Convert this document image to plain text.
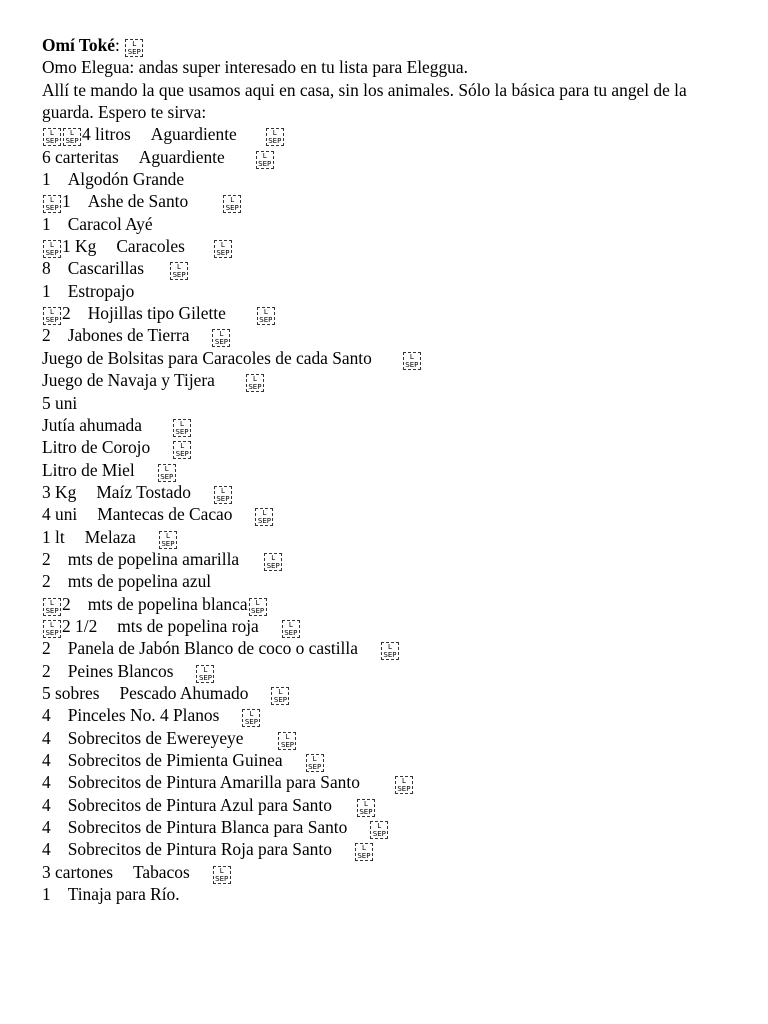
Omí Toké:	L
SEP
Omo Elegua: andas super interesado en tu lista para Eleggua.
Allí te mando la que usamos aqui en casa, sin los animales. Sólo la básica para tu angel de la guarda. Espero te sirva:
L
SEP
L
SEP 4 litros Aguardiente	L
SEP
6 carteritas Aguardiente	L
SEP
1 Algodón Grande
L
SEP 1 Ashe de Santo	L
SEP
1 Caracol Ayé
L
SEP 1 Kg Caracoles	L
SEP
8 Cascarillas	L
SEP
1 Estropajo
L
SEP 2 Hojillas tipo Gilette	L
SEP
2 Jabones de Tierra	L
SEP
Juego de Bolsitas para Caracoles de cada Santo	L
SEP
Juego de Navaja y Tijera	L
SEP
5 uni
Jutía ahumada	L
SEP
Litro de Corojo	L
SEP
Litro de Miel	L
SEP
3 Kg Maíz Tostado	L
SEP
4 uni Mantecas de Cacao	L
SEP
1 lt Melaza	L
SEP
2 mts de popelina amarilla	L
SEP
2 mts de popelina azul
L
SEP 2 mts de popelina blanca	L
SEP
L
SEP 2 1/2 mts de popelina roja	L
SEP
2 Panela de Jabón Blanco de coco o castilla	L
SEP
2 Peines Blancos	L
SEP
5 sobres Pescado Ahumado	L
SEP
4 Pinceles No. 4 Planos	L
SEP
4 Sobrecitos de Ewereyeye	L
SEP
4 Sobrecitos de Pimienta Guinea	L
SEP
4 Sobrecitos de Pintura Amarilla para Santo	L
SEP
4 Sobrecitos de Pintura Azul para Santo	L
SEP
4 Sobrecitos de Pintura Blanca para Santo	L
SEP
4 Sobrecitos de Pintura Roja para Santo	L
SEP
3 cartones Tabacos	L
SEP
1 Tinaja para Río.
